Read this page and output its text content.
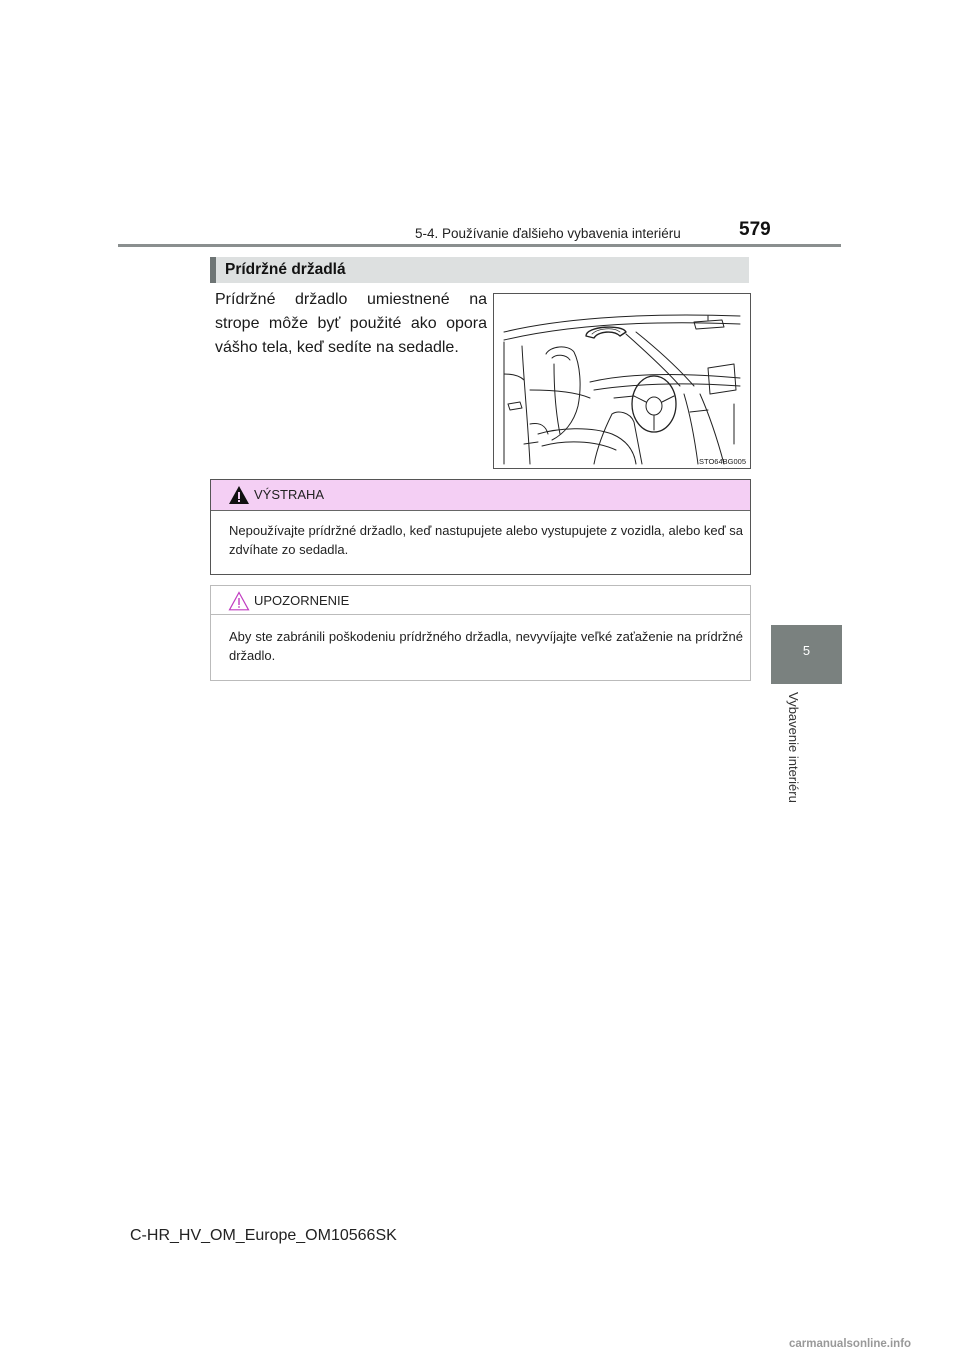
5-4. Používanie ďalšieho vybavenia interiéru	579
5
Vybavenie interiéru
Prídržné držadlá
Prídržné držadlo umiestnené na strope môže byť použité ako opora vášho tela, keď sedíte na sedadle.
STO64BG005
VÝSTRAHA
Nepoužívajte prídržné držadlo, keď nastupujete alebo vystupujete z vozidla, alebo keď sa zdvíhate zo sedadla.
UPOZORNENIE
Aby ste zabránili poškodeniu prídržného držadla, nevyvíjajte veľké zaťaženie na prídržné držadlo.
C-HR_HV_OM_Europe_OM10566SK
carmanualsonline.info
